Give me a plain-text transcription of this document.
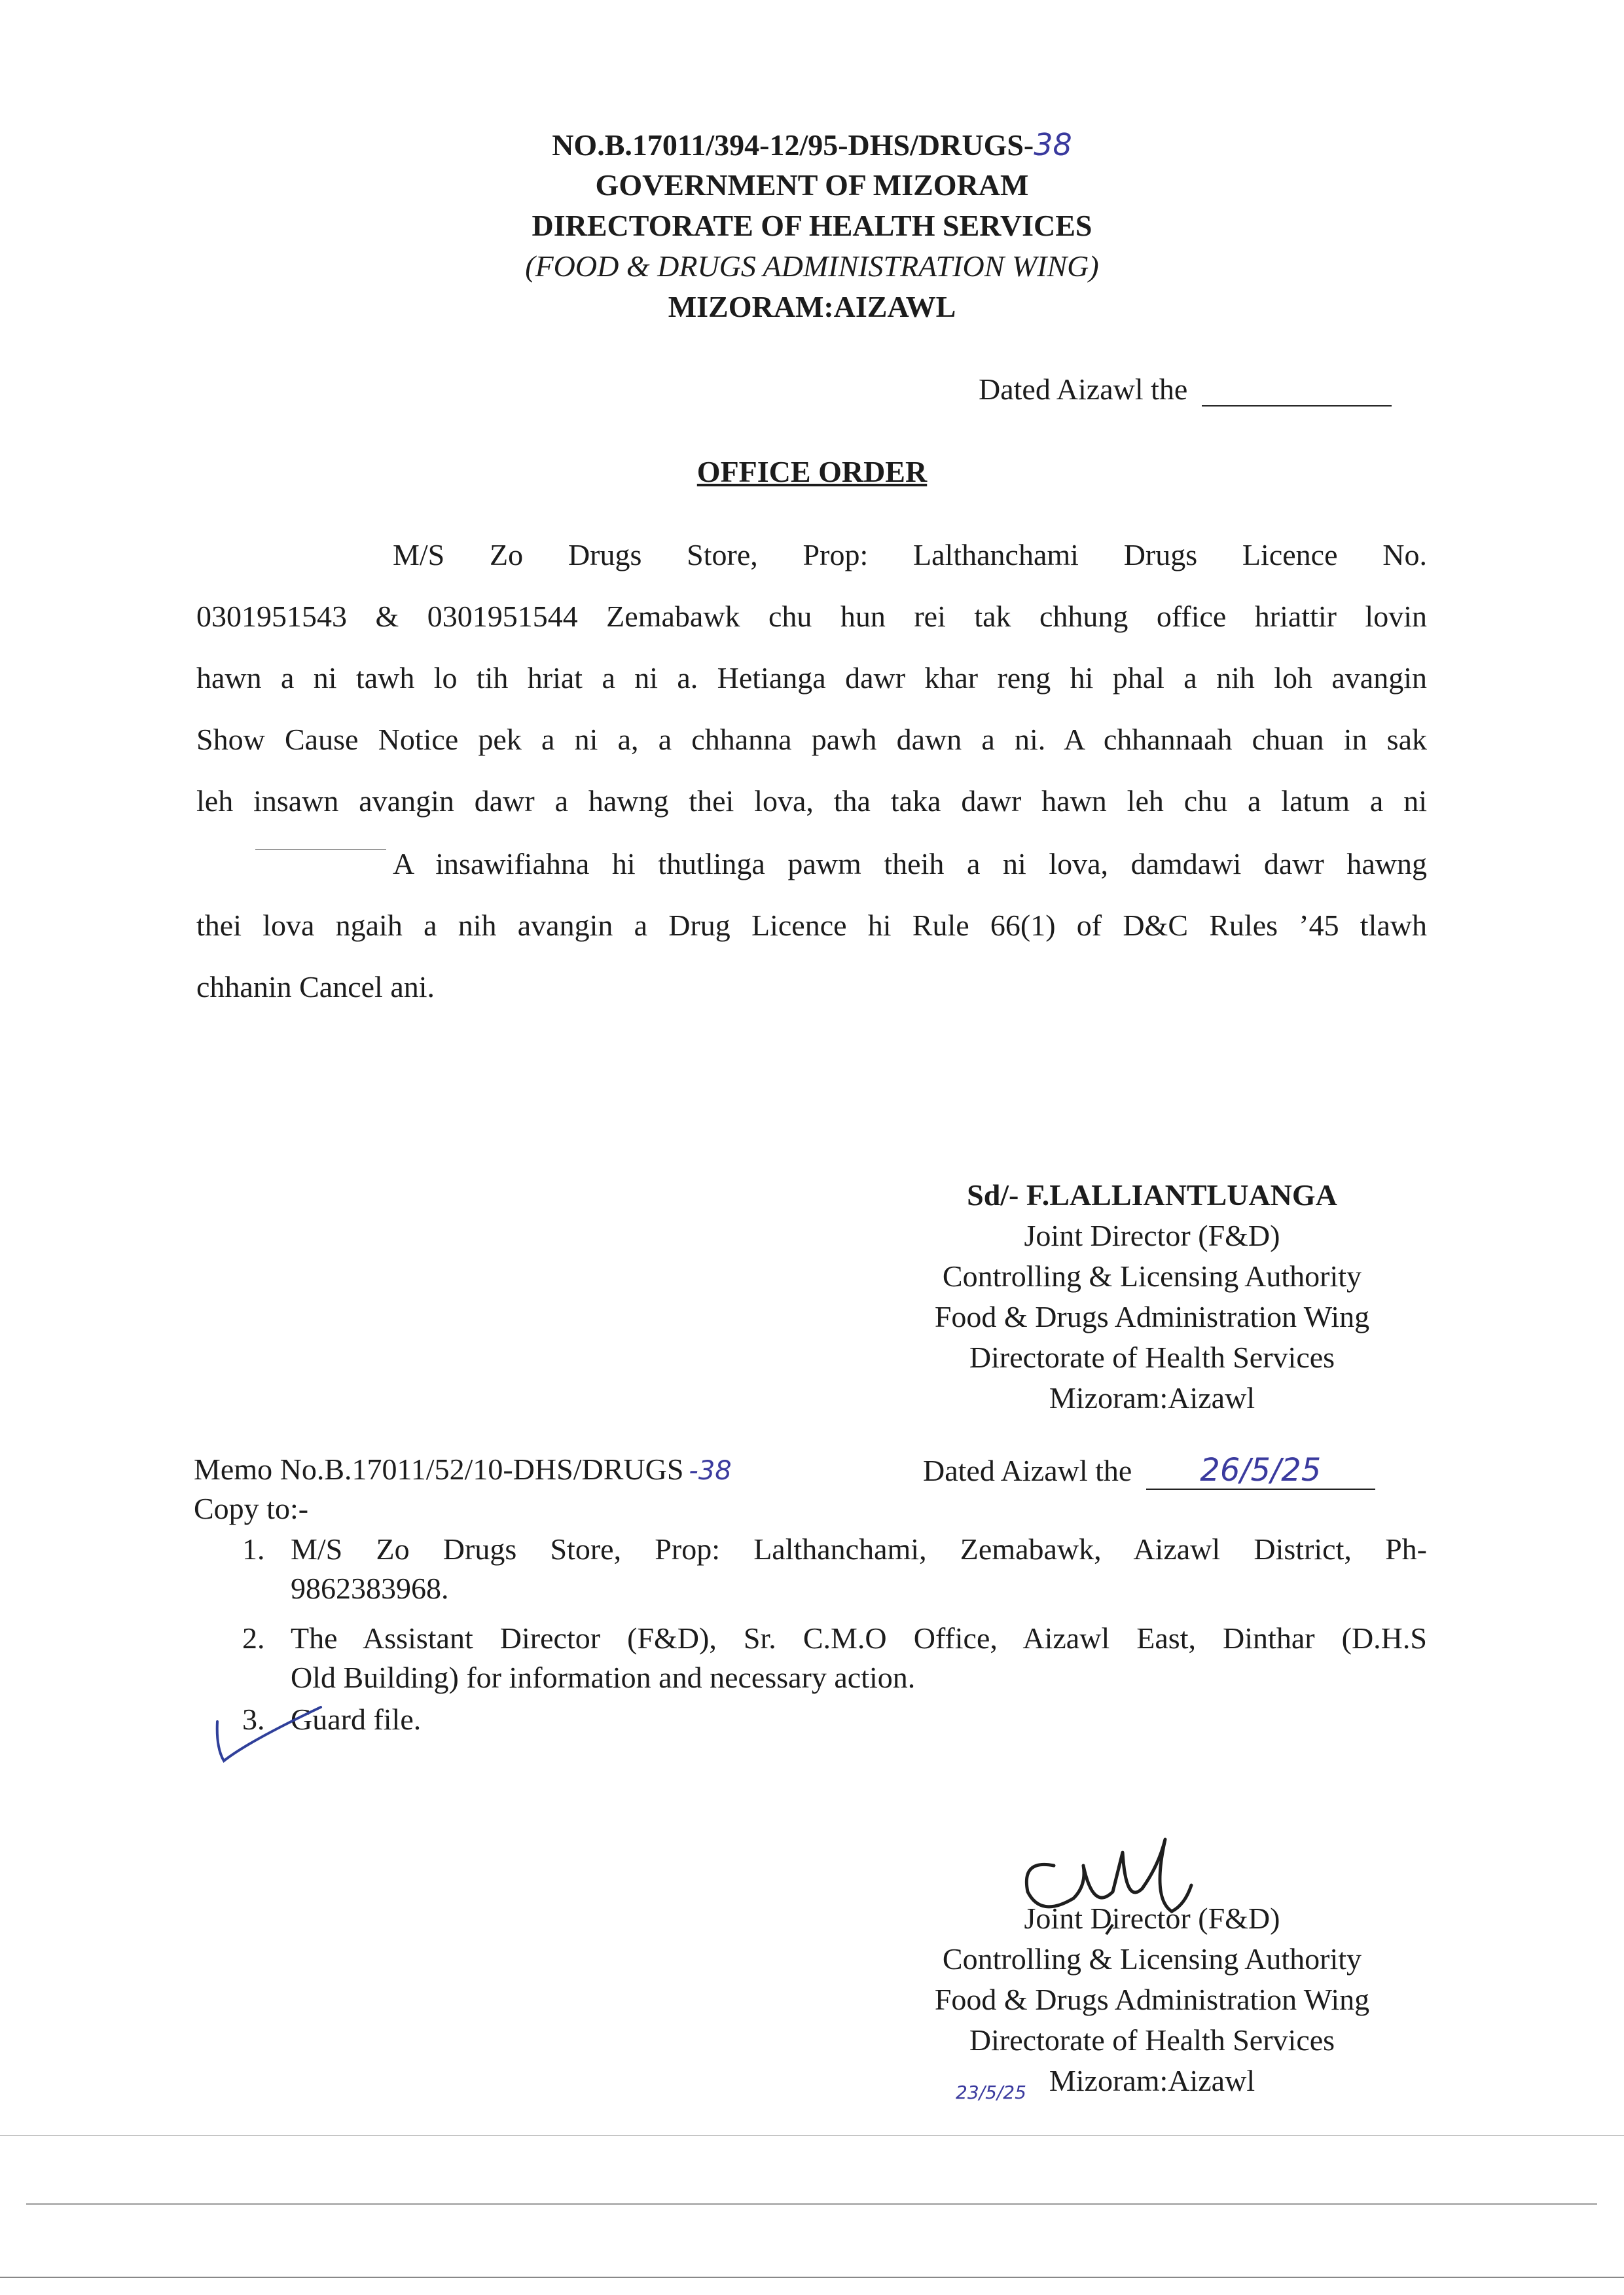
NO.B.17011/394-12/95-DHS/DRUGS-38
GOVERNMENT OF MIZORAM
DIRECTORATE OF HEALTH SERVICES
(FOOD & DRUGS ADMINISTRATION WING)
MIZORAM:AIZAWL
Dated Aizawl the
OFFICE ORDER
M/S Zo Drugs Store, Prop: Lalthanchami Drugs Licence No.
0301951543 & 0301951544 Zemabawk chu hun rei tak chhung office hriattir lovin
hawn a ni tawh lo tih hriat a ni a. Hetianga dawr khar reng hi phal a nih loh avangin
Show Cause Notice pek a ni a, a chhanna pawh dawn a ni. A chhannaah chuan in sak
leh insawn avangin dawr a hawng thei lova, tha taka dawr hawn leh chu a latum a ni
A insawifiahna hi thutlinga pawm theih a ni lova, damdawi dawr hawng
thei lova ngaih a nih avangin a Drug Licence hi Rule 66(1) of D&C Rules ’45 tlawh
chhanin Cancel ani.
Sd/- F.LALLIANTLUANGA
Joint Director (F&D)
Controlling & Licensing Authority
Food & Drugs Administration Wing
Directorate of Health Services
Mizoram:Aizawl
Memo No.B.17011/52/10-DHS/DRUGS -38	Dated Aizawl the 26/5/25
Copy to:-
1. M/S Zo Drugs Store, Prop: Lalthanchami, Zemabawk, Aizawl District, Ph-
9862383968.
2. The Assistant Director (F&D), Sr. C.M.O Office, Aizawl East, Dinthar (D.H.S
Old Building) for information and necessary action.
3. Guard file.
Joint Director (F&D)
Controlling & Licensing Authority
Food & Drugs Administration Wing
Directorate of Health Services
Mizoram:Aizawl
23/5/25
